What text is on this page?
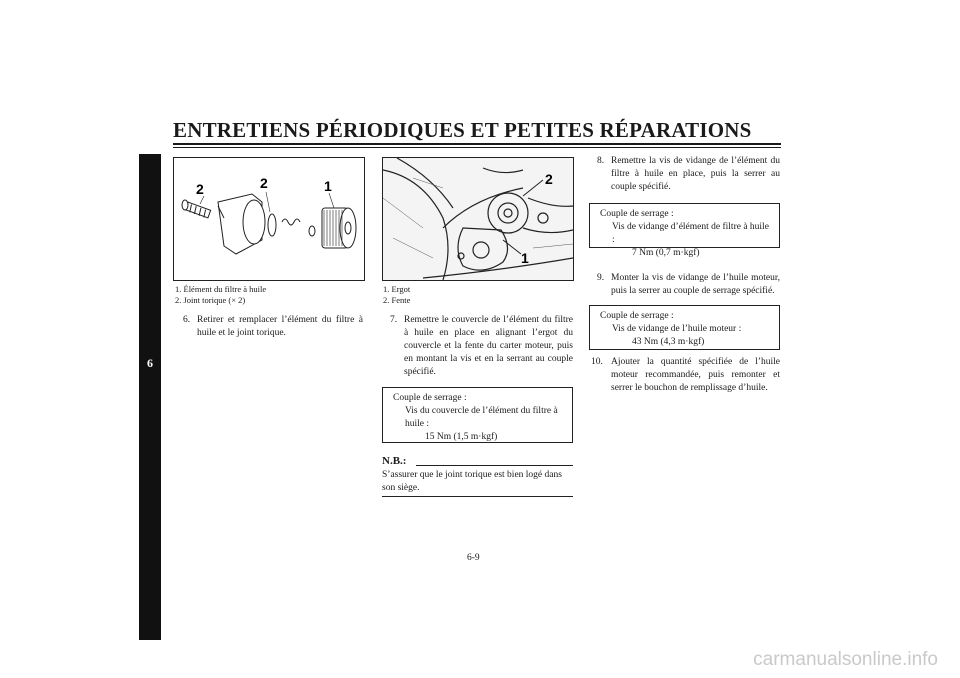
ENTRETIENS PÉRIODIQUES ET PETITES RÉPARATIONS
6
2	2	1
1. Élément du filtre à huile
2. Joint torique (× 2)
2
1
1. Ergot
2. Fente
6. Retirer et remplacer l’élément du filtre à huile et le joint torique.
7. Remettre le couvercle de l’élément du filtre à huile en place en alignant l’ergot du couvercle et la fente du carter moteur, puis en montant la vis et en la serrant au couple spécifié.
8. Remettre la vis de vidange de l’élément du filtre à huile en place, puis la serrer au couple spécifié.
9. Monter la vis de vidange de l’huile moteur, puis la serrer au couple de serrage spécifié.
10. Ajouter la quantité spécifiée de l’huile moteur recommandée, puis remonter et serrer le bouchon de remplissage d’huile.
Couple de serrage :
Vis du couvercle de l’élément du filtre à huile :
15 Nm (1,5 m·kgf)
Couple de serrage :
Vis de vidange d’élément de filtre à huile :
7 Nm (0,7 m·kgf)
Couple de serrage :
Vis de vidange de l’huile moteur :
43 Nm (4,3 m·kgf)
N.B.:
S’assurer que le joint torique est bien logé dans son siège.
6-9
carmanualsonline.info
